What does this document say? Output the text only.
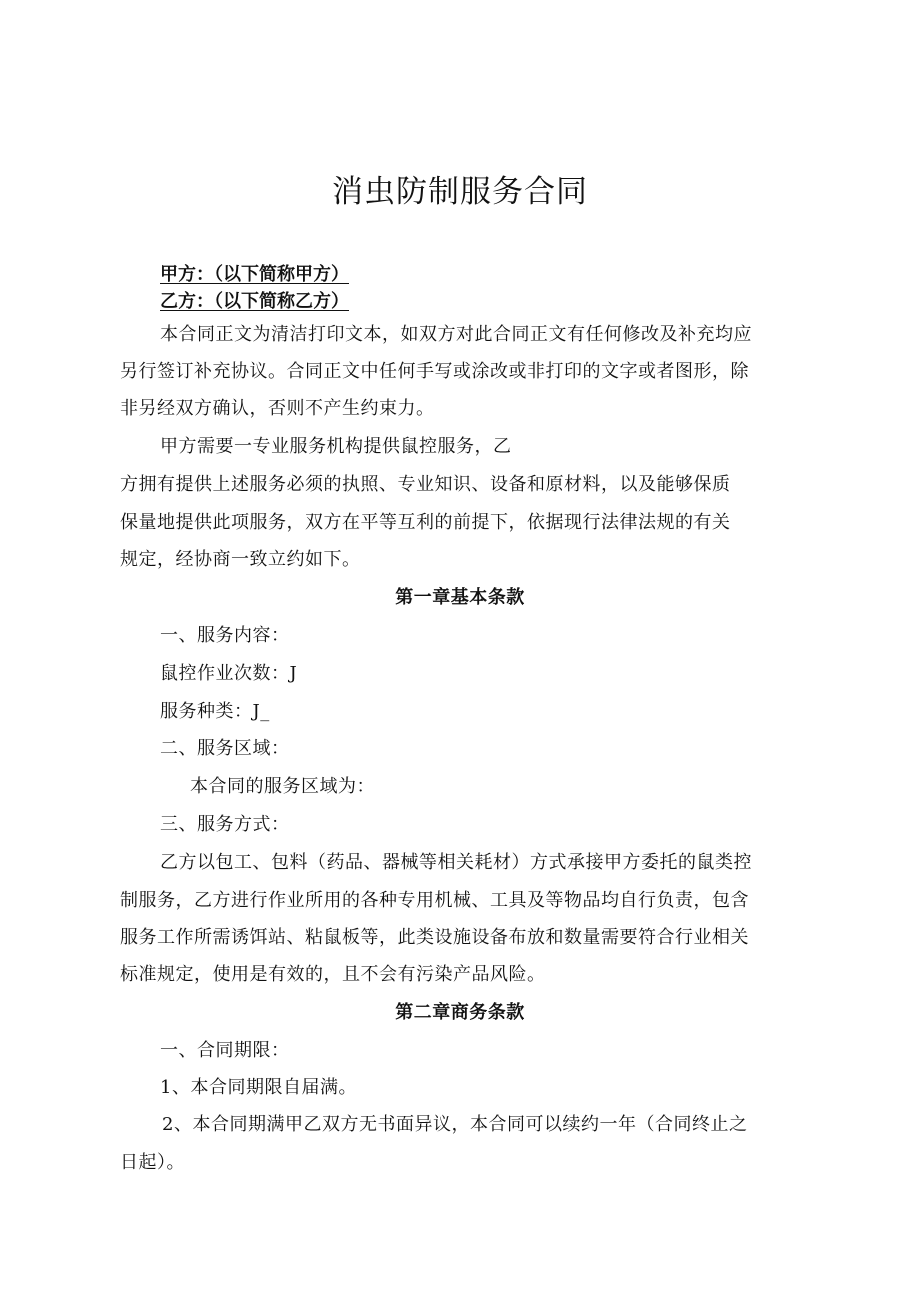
消虫防制服务合同
甲方：（以下简称甲方）
乙方：（以下简称乙方）
本合同正文为清洁打印文本，如双方对此合同正文有任何修改及补充均应
另行签订补充协议。合同正文中任何手写或涂改或非打印的文字或者图形，除
非另经双方确认，否则不产生约束力。
甲方需要一专业服务机构提供鼠控服务，乙
方拥有提供上述服务必须的执照、专业知识、设备和原材料，以及能够保质
保量地提供此项服务，双方在平等互利的前提下，依据现行法律法规的有关
规定，经协商一致立约如下。
第一章基本条款
一、服务内容：
鼠控作业次数：J
服务种类：J_
二、服务区域：
本合同的服务区域为：
三、服务方式：
乙方以包工、包料（药品、器械等相关耗材）方式承接甲方委托的鼠类控
制服务，乙方进行作业所用的各种专用机械、工具及等物品均自行负责，包含
服务工作所需诱饵站、粘鼠板等，此类设施设备布放和数量需要符合行业相关
标准规定，使用是有效的，且不会有污染产品风险。
第二章商务条款
一、合同期限：
1、本合同期限自届满。
2、本合同期满甲乙双方无书面异议，本合同可以续约一年（合同终止之
日起）。
